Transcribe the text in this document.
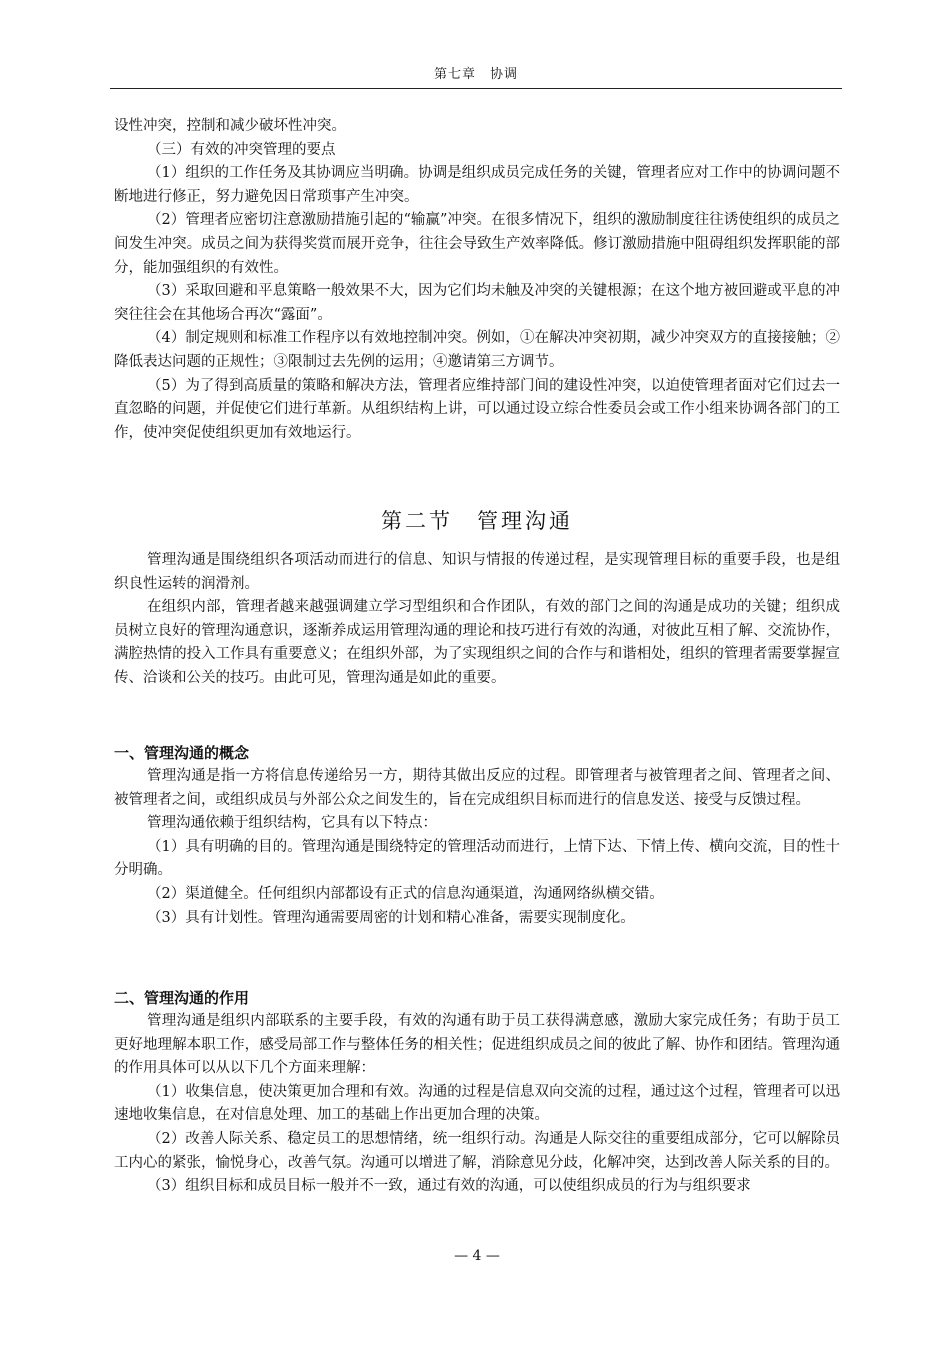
第七章　协调

设性冲突，控制和减少破坏性冲突。

（三）有效的冲突管理的要点

（1）组织的工作任务及其协调应当明确。协调是组织成员完成任务的关键，管理者应对工作中的协调问题不断地进行修正，努力避免因日常琐事产生冲突。

（2）管理者应密切注意激励措施引起的“输赢”冲突。在很多情况下，组织的激励制度往往诱使组织的成员之间发生冲突。成员之间为获得奖赏而展开竞争，往往会导致生产效率降低。修订激励措施中阻碍组织发挥职能的部分，能加强组织的有效性。

（3）采取回避和平息策略一般效果不大，因为它们均未触及冲突的关键根源；在这个地方被回避或平息的冲突往往会在其他场合再次“露面”。

（4）制定规则和标准工作程序以有效地控制冲突。例如，①在解决冲突初期，减少冲突双方的直接接触；②降低表达问题的正规性；③限制过去先例的运用；④邀请第三方调节。

（5）为了得到高质量的策略和解决方法，管理者应维持部门间的建设性冲突，以迫使管理者面对它们过去一直忽略的问题，并促使它们进行革新。从组织结构上讲，可以通过设立综合性委员会或工作小组来协调各部门的工作，使冲突促使组织更加有效地运行。

第二节　管理沟通

管理沟通是围绕组织各项活动而进行的信息、知识与情报的传递过程，是实现管理目标的重要手段，也是组织良性运转的润滑剂。

在组织内部，管理者越来越强调建立学习型组织和合作团队，有效的部门之间的沟通是成功的关键；组织成员树立良好的管理沟通意识，逐渐养成运用管理沟通的理论和技巧进行有效的沟通，对彼此互相了解、交流协作，满腔热情的投入工作具有重要意义；在组织外部，为了实现组织之间的合作与和谐相处，组织的管理者需要掌握宣传、洽谈和公关的技巧。由此可见，管理沟通是如此的重要。

一、管理沟通的概念

管理沟通是指一方将信息传递给另一方，期待其做出反应的过程。即管理者与被管理者之间、管理者之间、被管理者之间，或组织成员与外部公众之间发生的，旨在完成组织目标而进行的信息发送、接受与反馈过程。

管理沟通依赖于组织结构，它具有以下特点：

（1）具有明确的目的。管理沟通是围绕特定的管理活动而进行，上情下达、下情上传、横向交流，目的性十分明确。

（2）渠道健全。任何组织内部都设有正式的信息沟通渠道，沟通网络纵横交错。

（3）具有计划性。管理沟通需要周密的计划和精心准备，需要实现制度化。

二、管理沟通的作用

管理沟通是组织内部联系的主要手段，有效的沟通有助于员工获得满意感，激励大家完成任务；有助于员工更好地理解本职工作，感受局部工作与整体任务的相关性；促进组织成员之间的彼此了解、协作和团结。管理沟通的作用具体可以从以下几个方面来理解：

（1）收集信息，使决策更加合理和有效。沟通的过程是信息双向交流的过程，通过这个过程，管理者可以迅速地收集信息，在对信息处理、加工的基础上作出更加合理的决策。

（2）改善人际关系、稳定员工的思想情绪，统一组织行动。沟通是人际交往的重要组成部分，它可以解除员工内心的紧张，愉悦身心，改善气氛。沟通可以增进了解，消除意见分歧，化解冲突，达到改善人际关系的目的。

（3）组织目标和成员目标一般并不一致，通过有效的沟通，可以使组织成员的行为与组织要求

— 4 —
